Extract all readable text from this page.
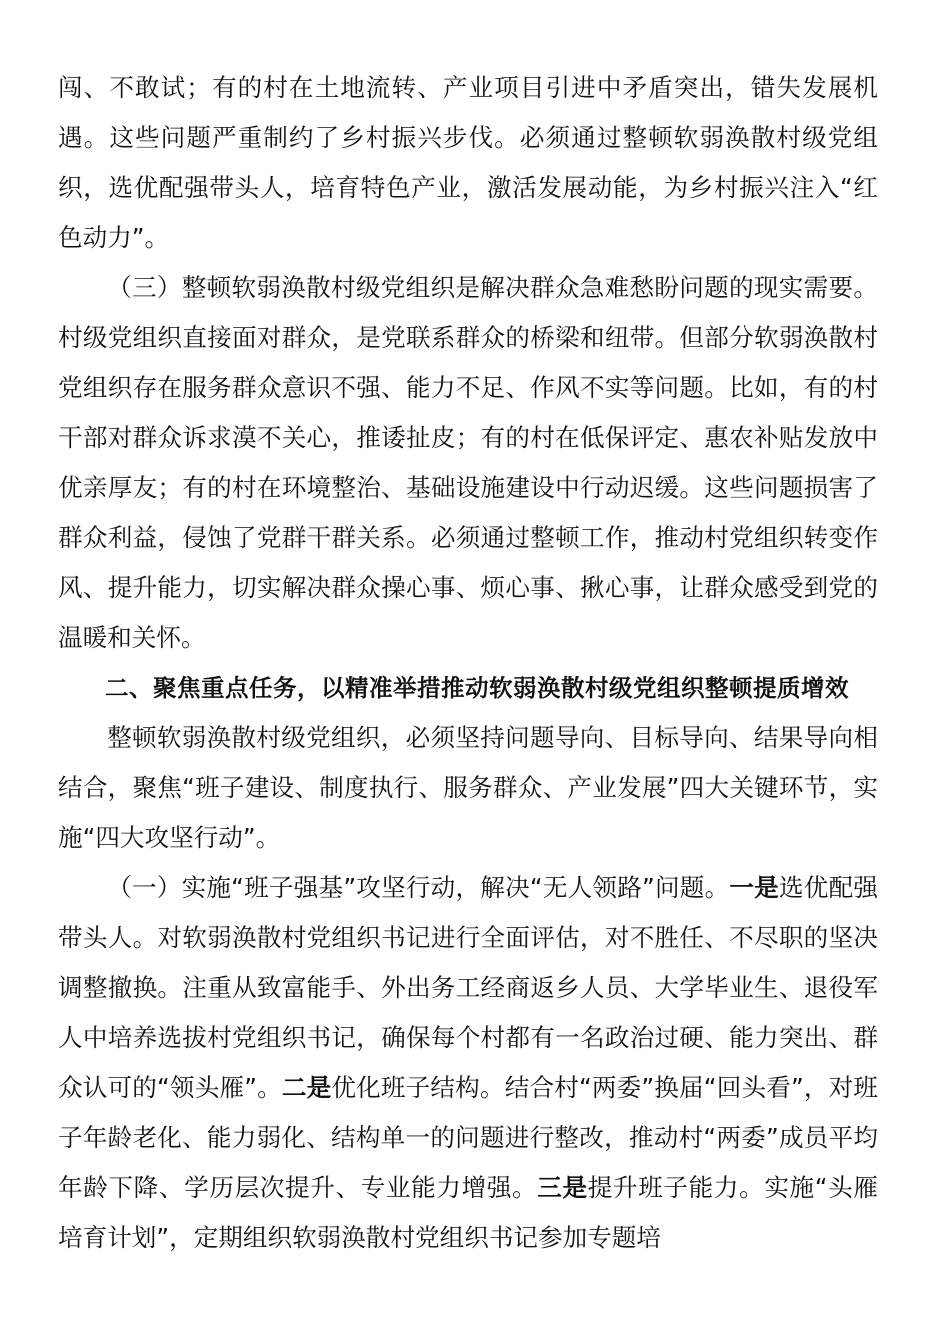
闯、不敢试；有的村在土地流转、产业项目引进中矛盾突出，错失发展机遇。这些问题严重制约了乡村振兴步伐。必须通过整顿软弱涣散村级党组织，选优配强带头人，培育特色产业，激活发展动能，为乡村振兴注入“红色动力”。

（三）整顿软弱涣散村级党组织是解决群众急难愁盼问题的现实需要。村级党组织直接面对群众，是党联系群众的桥梁和纽带。但部分软弱涣散村党组织存在服务群众意识不强、能力不足、作风不实等问题。比如，有的村干部对群众诉求漠不关心，推诿扯皮；有的村在低保评定、惠农补贴发放中优亲厚友；有的村在环境整治、基础设施建设中行动迟缓。这些问题损害了群众利益，侵蚀了党群干群关系。必须通过整顿工作，推动村党组织转变作风、提升能力，切实解决群众操心事、烦心事、揪心事，让群众感受到党的温暖和关怀。

二、聚焦重点任务，以精准举措推动软弱涣散村级党组织整顿提质增效

整顿软弱涣散村级党组织，必须坚持问题导向、目标导向、结果导向相结合，聚焦“班子建设、制度执行、服务群众、产业发展”四大关键环节，实施“四大攻坚行动”。

（一）实施“班子强基”攻坚行动，解决“无人领路”问题。一是选优配强带头人。对软弱涣散村党组织书记进行全面评估，对不胜任、不尽职的坚决调整撤换。注重从致富能手、外出务工经商返乡人员、大学毕业生、退役军人中培养选拔村党组织书记，确保每个村都有一名政治过硬、能力突出、群众认可的“领头雁”。二是优化班子结构。结合村“两委”换届“回头看”，对班子年龄老化、能力弱化、结构单一的问题进行整改，推动村“两委”成员平均年龄下降、学历层次提升、专业能力增强。三是提升班子能力。实施“头雁培育计划”，定期组织软弱涣散村党组织书记参加专题培
